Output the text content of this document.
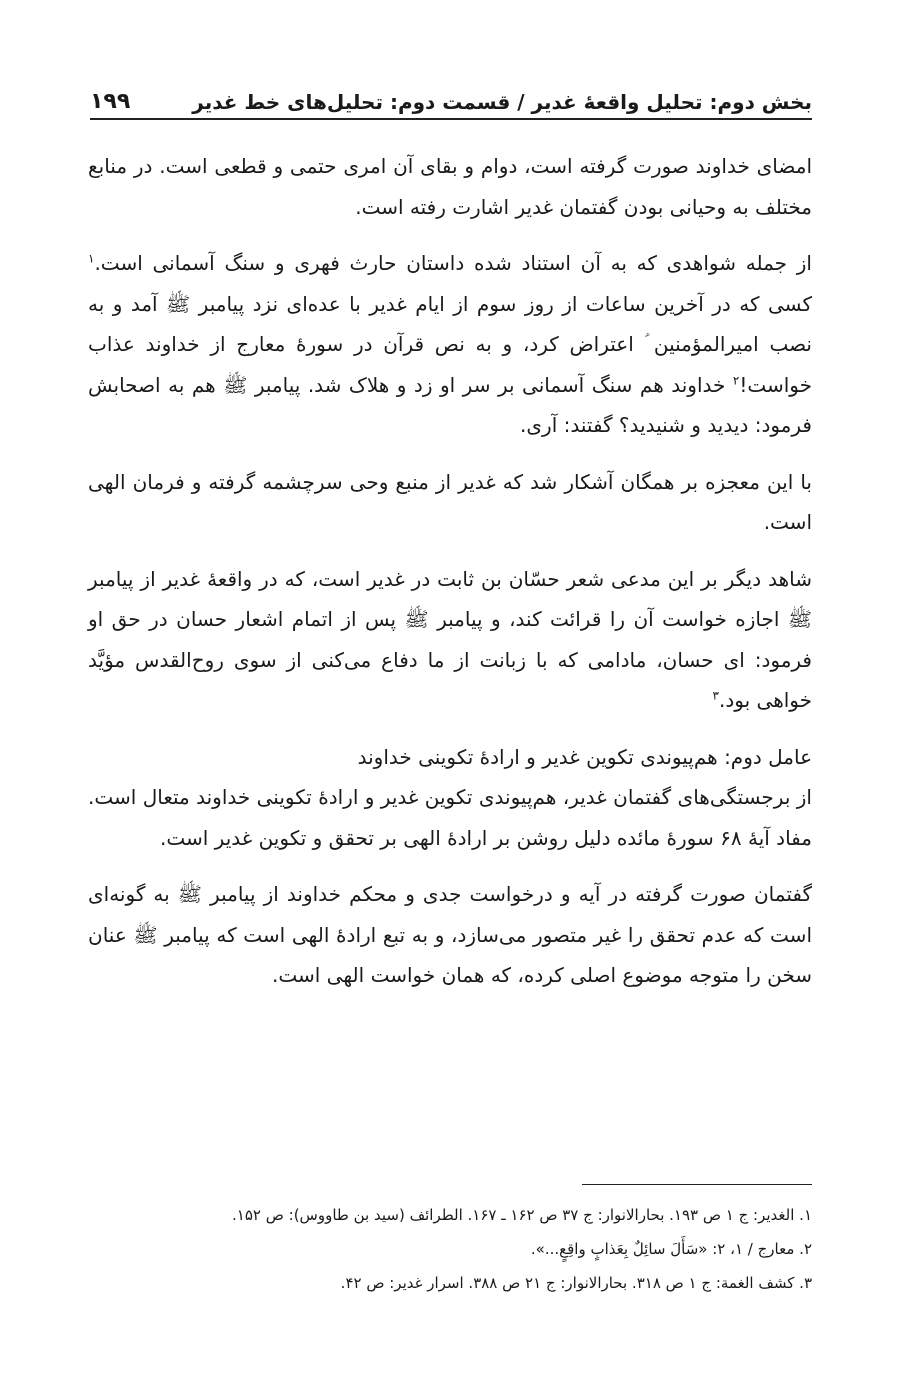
بخش دوم: تحلیل واقعهٔ غدیر / قسمت دوم: تحلیل‌های خط غدیر
۱۹۹

امضای خداوند صورت گرفته است، دوام و بقای آن امری حتمی و قطعی است. در منابع مختلف به وحیانی بودن گفتمان غدیر اشارت رفته است.

از جمله شواهدی که به آن استناد شده داستان حارث فهری و سنگ آسمانی است.$^۱$ کسی که در آخرین ساعات از روز سوم از ایام غدیر با عده‌ای نزد پیامبر ﷺ آمد و به نصب امیرالمؤمنین ؑ اعتراض کرد، و به نص قرآن در سورهٔ معارج از خداوند عذاب خواست!$^۲$ خداوند هم سنگ آسمانی بر سر او زد و هلاک شد. پیامبر ﷺ هم به اصحابش فرمود: دیدید و شنیدید؟ گفتند: آری.

با این معجزه بر همگان آشکار شد که غدیر از منبع وحی سرچشمه گرفته و فرمان الهی است.

شاهد دیگر بر این مدعی شعر حسّان بن ثابت در غدیر است، که در واقعهٔ غدیر از پیامبر ﷺ اجازه خواست آن را قرائت کند، و پیامبر ﷺ پس از اتمام اشعار حسان در حق او فرمود: ای حسان، مادامی که با زبانت از ما دفاع می‌کنی از سوی روح‌القدس مؤیَّد خواهی بود.$^۳$

عامل دوم: هم‌پیوندی تکوین غدیر و ارادهٔ تکوینی خداوند

از برجستگی‌های گفتمان غدیر، هم‌پیوندی تکوین غدیر و ارادهٔ تکوینی خداوند متعال است. مفاد آیهٔ ۶۸ سورهٔ مائده دلیل روشن بر ارادهٔ الهی بر تحقق و تکوین غدیر است.

گفتمان صورت گرفته در آیه و درخواست جدی و محکم خداوند از پیامبر ﷺ به گونه‌ای است که عدم تحقق را غیر متصور می‌سازد، و به تبع ارادهٔ الهی است که پیامبر ﷺ عنان سخن را متوجه موضوع اصلی کرده، که همان خواست الهی است.

۱. الغدیر: ج ۱ ص ۱۹۳. بحارالانوار: ج ۳۷ ص ۱۶۲ ـ ۱۶۷. الطرائف (سید بن طاووس): ص ۱۵۲.

۲. معارج / ۱، ۲: «سَأَلَ سائِلٌ بِعَذابٍ واقِعٍ...».

۳. کشف الغمة: ج ۱ ص ۳۱۸. بحارالانوار: ج ۲۱ ص ۳۸۸. اسرار غدیر: ص ۴۲.
